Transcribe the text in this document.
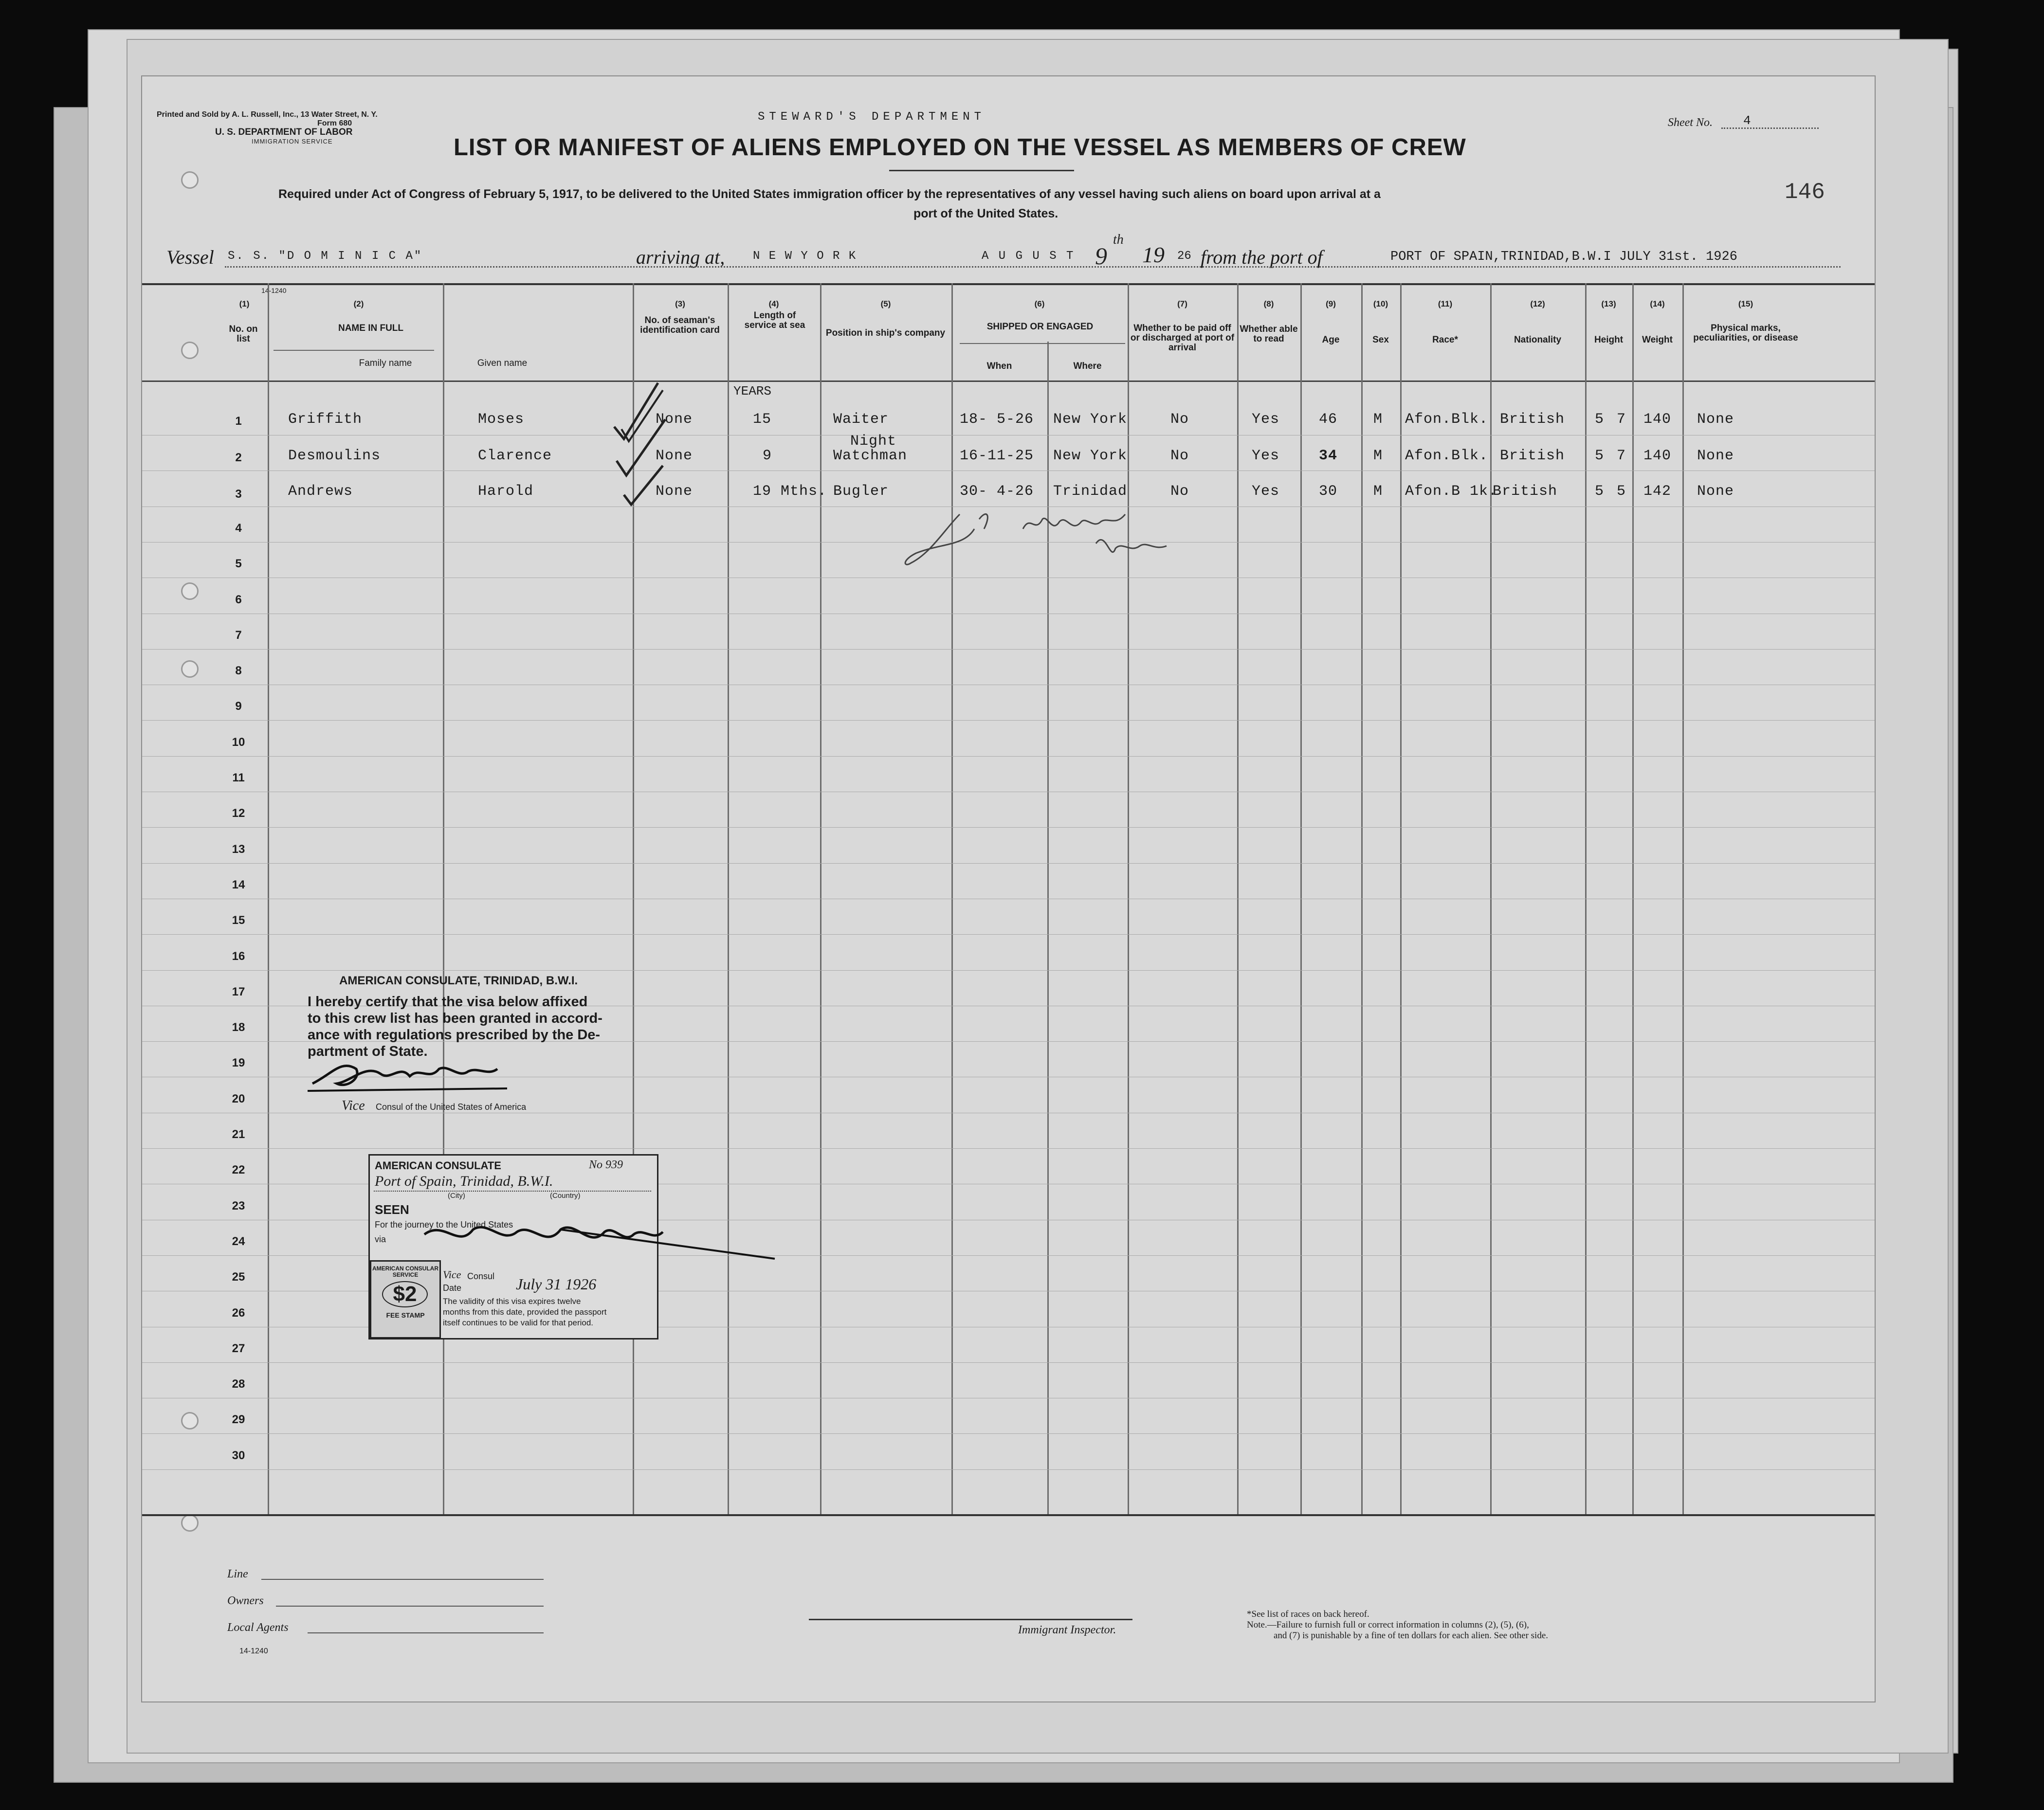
Printed and Sold by A. L. Russell, Inc., 13 Water Street, N. Y.
Form 680
U. S. DEPARTMENT OF LABOR
IMMIGRATION SERVICE
STEWARD'S DEPARTMENT	Sheet No. 4
LIST OR MANIFEST OF ALIENS EMPLOYED ON THE VESSEL AS MEMBERS OF CREW
Required under Act of Congress of February 5, 1917, to be delivered to the United States immigration officer by the representatives of any vessel having such aliens on board upon arrival at a
port of the United States.
146
Vessel S. S. "D O M I N I C A"	arriving at, N E W Y O R K	A U G U S T 9
th
19 26 from the port of	PORT OF SPAIN,TRINIDAD,B.W.I JULY 31st. 1926
14-1240
(1)
No. on list
(2)
NAME IN FULL
Family name	Given name
(3)
No. of seaman's identification card
(4)
Length of service at sea
(5)
Position in ship's company
(6)
SHIPPED OR ENGAGED
When	Where
(7)
Whether to be paid off or discharged at port of arrival
(8)
Whether able to read
(9)
Age
(10)
Sex
(11)
Race*
(12)
Nationality
(13)
Height
(14)
Weight
(15)
Physical marks, peculiarities, or disease
4
5
6
7
8
9
10
11
12
13
14
15
16
17
18
19
20
21
22
23
24
25
26
27
28
29
30
YEARS
1	Griffith	Moses	None	15	Waiter	18- 5-26 New York	No	Yes	46 M Afon.Blk. British 5 7 140 None
2	Desmoulins	Clarence	None	9
Night
Watchman	16-11-25 New York	No	Yes	34 M Afon.Blk. British 5 7 140 None
3	Andrews	Harold	None	19 Mths. Bugler	30- 4-26 Trinidad	No	Yes	30 M Afon.B 1k.
British	5 5 142 None
AMERICAN CONSULATE, TRINIDAD, B.W.I.
I hereby certify that the visa below affixed
to this crew list has been granted in accord-
ance with regulations prescribed by the De-
partment of State.
Vice Consul of the United States of America
AMERICAN CONSULATE	No 939
Port of Spain, Trinidad, B.W.I.
(City)	(Country)
SEEN
For the journey to the United States
via
Vice Consul
Date	July 31 1926
The validity of this visa expires twelve
months from this date, provided the passport
itself continues to be valid for that period.
AMERICAN CONSULAR SERVICE
$2
FEE STAMP
Line
Owners
Local Agents
14-1240
Immigrant Inspector.
*See list of races on back hereof.
Note.—Failure to furnish full or correct information in columns (2), (5), (6),
and (7) is punishable by a fine of ten dollars for each alien. See other side.
